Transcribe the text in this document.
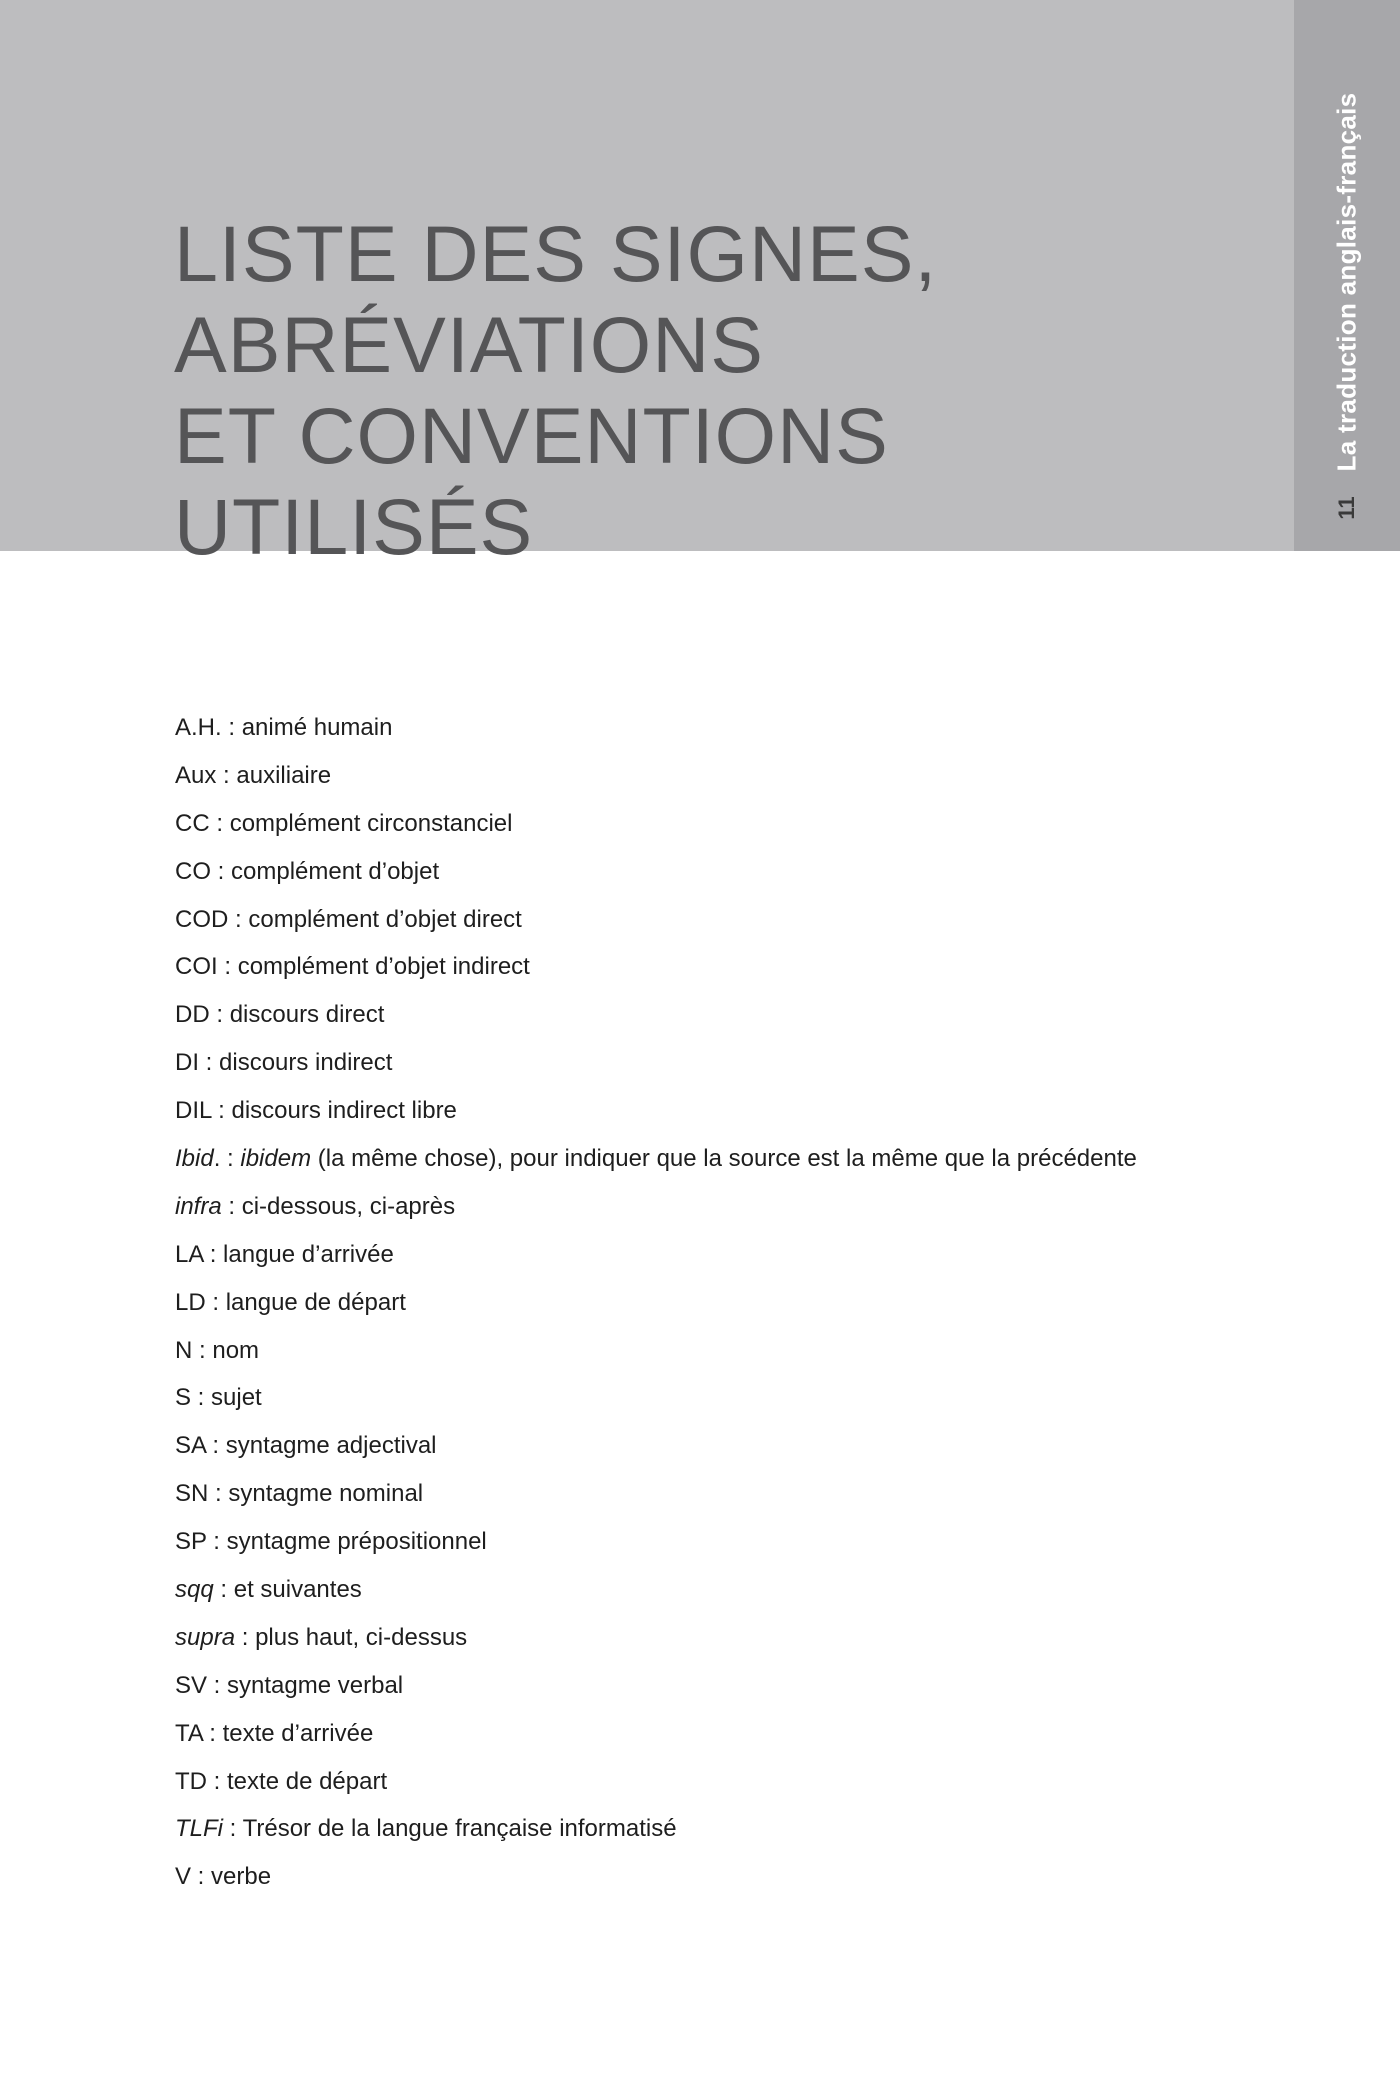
La traduction anglais-français
11
LISTE DES SIGNES,
ABRÉVIATIONS
ET CONVENTIONS
UTILISÉS
A.H. : animé humain
Aux : auxiliaire
CC : complément circonstanciel
CO : complément d’objet
COD : complément d’objet direct
COI : complément d’objet indirect
DD : discours direct
DI : discours indirect
DIL : discours indirect libre
Ibid. : ibidem (la même chose), pour indiquer que la source est la même que la précédente
infra : ci-dessous, ci-après
LA : langue d’arrivée
LD : langue de départ
N : nom
S : sujet
SA : syntagme adjectival
SN : syntagme nominal
SP : syntagme prépositionnel
sqq : et suivantes
supra : plus haut, ci-dessus
SV : syntagme verbal
TA : texte d’arrivée
TD : texte de départ
TLFi : Trésor de la langue française informatisé
V : verbe
